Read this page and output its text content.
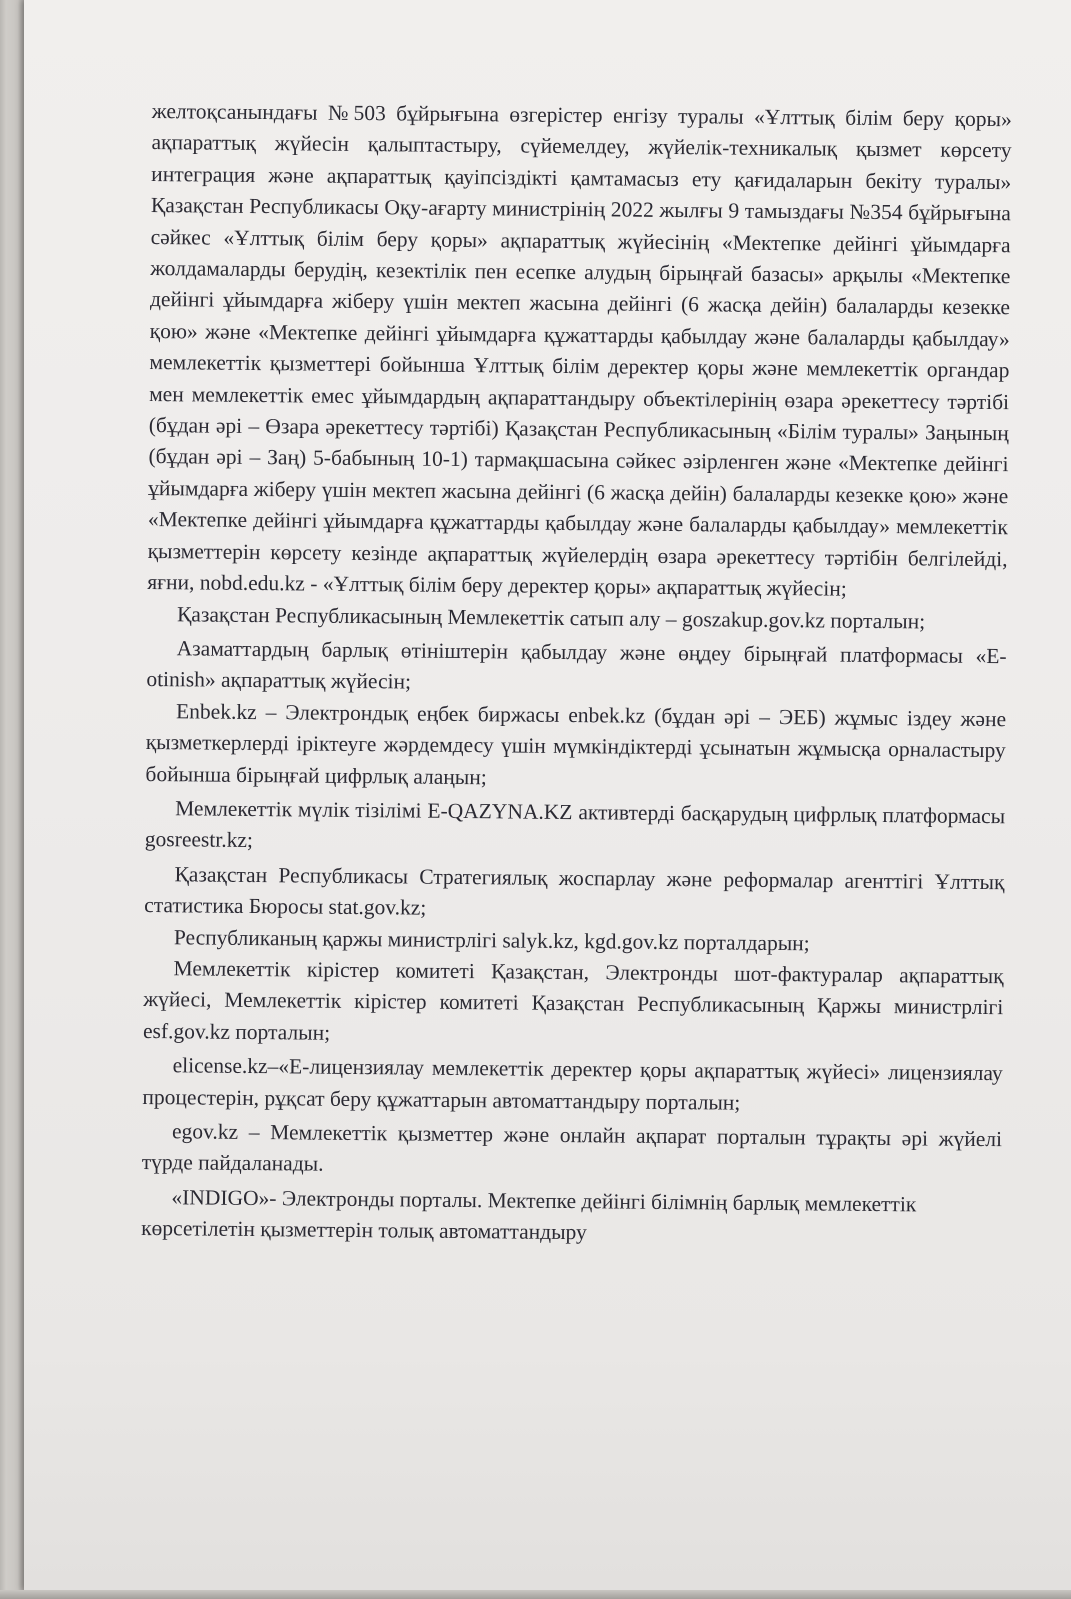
желтоқсанындағы №503 бұйрығына өзгерістер енгізу туралы «Ұлттық білім беру қоры» ақпараттық жүйесін қалыптастыру, сүйемелдеу, жүйелік-техникалық қызмет көрсету интеграция және ақпараттық қауіпсіздікті қамтамасыз ету қағидаларын бекіту туралы» Қазақстан Республикасы Оқу-ағарту министрінің 2022 жылғы 9 тамыздағы №354 бұйрығына сәйкес «Ұлттық білім беру қоры» ақпараттық жүйесінің «Мектепке дейінгі ұйымдарға жолдамаларды берудің, кезектілік пен есепке алудың бірыңғай базасы» арқылы «Мектепке дейінгі ұйымдарға жіберу үшін мектеп жасына дейінгі (6 жасқа дейін) балаларды кезекке қою» және «Мектепке дейінгі ұйымдарға құжаттарды қабылдау және балаларды қабылдау» мемлекеттік қызметтері бойынша Ұлттық білім деректер қоры және мемлекеттік органдар мен мемлекеттік емес ұйымдардың ақпараттандыру объектілерінің өзара әрекеттесу тәртібі (бұдан әрі – Өзара әрекеттесу тәртібі) Қазақстан Республикасының «Білім туралы» Заңының (бұдан әрі – Заң) 5-бабының 10-1) тармақшасына сәйкес әзірленген және «Мектепке дейінгі ұйымдарға жіберу үшін мектеп жасына дейінгі (6 жасқа дейін) балаларды кезекке қою» және «Мектепке дейінгі ұйымдарға құжаттарды қабылдау және балаларды қабылдау» мемлекеттік қызметтерін көрсету кезінде ақпараттық жүйелердің өзара әрекеттесу тәртібін белгілейді, яғни, nobd.edu.kz - «Ұлттық білім беру деректер қоры» ақпараттық жүйесін;

Қазақстан Республикасының Мемлекеттік сатып алу – goszakup.gov.kz порталын;

Азаматтардың барлық өтініштерін қабылдау және өңдеу бірыңғай платформасы «E-otinish» ақпараттық жүйесін;

Enbek.kz – Электрондық еңбек биржасы enbek.kz (бұдан әрі – ЭЕБ) жұмыс іздеу және қызметкерлерді іріктеуге жәрдемдесу үшін мүмкіндіктерді ұсынатын жұмысқа орналастыру бойынша бірыңғай цифрлық алаңын;

Мемлекеттік мүлік тізілімі E-QAZYNA.KZ активтерді басқарудың цифрлық платформасы gosreestr.kz;

Қазақстан Республикасы Стратегиялық жоспарлау және реформалар агенттігі Ұлттық статистика Бюросы stat.gov.kz;

Республиканың қаржы министрлігі salyk.kz, kgd.gov.kz порталдарын;

Мемлекеттік кірістер комитеті Қазақстан, Электронды шот-фактуралар ақпараттық жүйесі, Мемлекеттік кірістер комитеті Қазақстан Республикасының Қаржы министрлігі esf.gov.kz порталын;

elicense.kz–«Е-лицензиялау мемлекеттік деректер қоры ақпараттық жүйесі» лицензиялау процестерін, рұқсат беру құжаттарын автоматтандыру порталын;

egov.kz – Мемлекеттік қызметтер және онлайн ақпарат порталын тұрақты әрі жүйелі түрде пайдаланады.

«INDIGO»- Электронды порталы. Мектепке дейінгі білімнің барлық мемлекеттік көрсетілетін қызметтерін толық автоматтандыру
